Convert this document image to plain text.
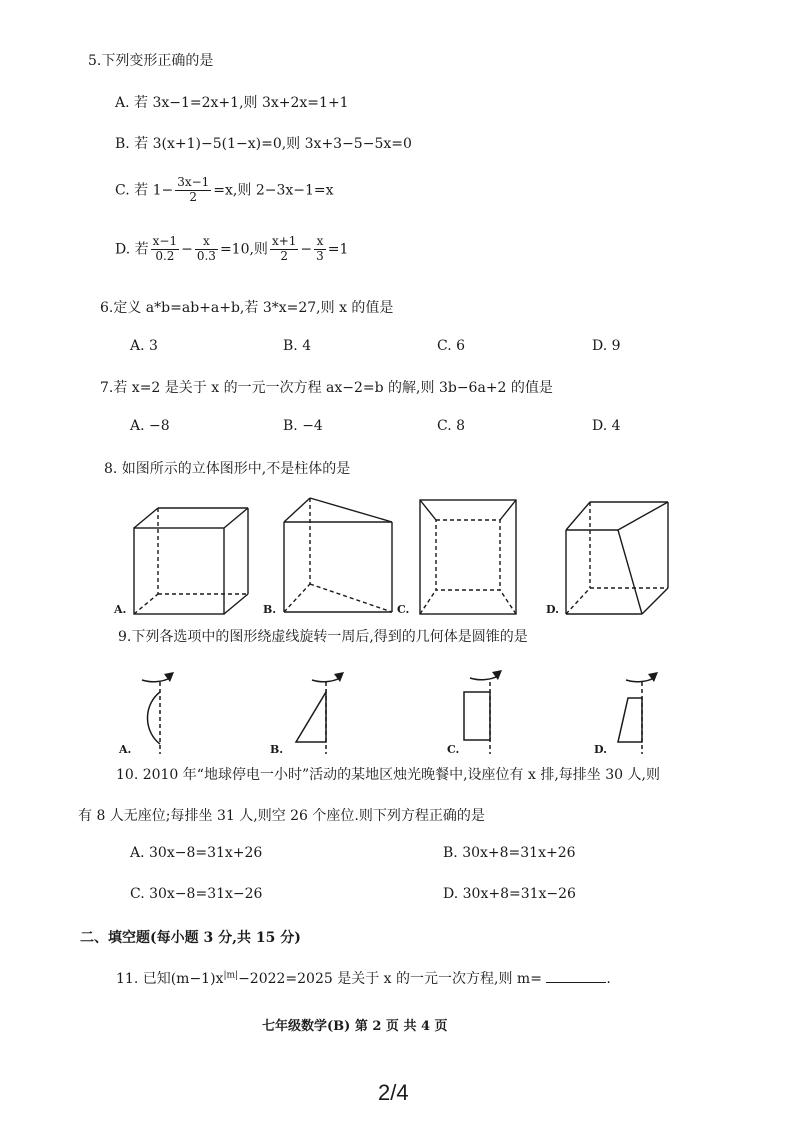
5.下列变形正确的是
A. 若 3x−1=2x+1,则 3x+2x=1+1
B. 若 3(x+1)−5(1−x)=0,则 3x+3−5−5x=0
C. 若 $1- \frac{3x-1}{2} =x$,则 2−3x−1=x
D. 若 $\frac{x-1}{0.2} - \frac{x}{0.3} =10$,则 $\frac{x+1}{2} - \frac{x}{3} =1$
6.定义 a*b=ab+a+b,若 3*x=27,则 x 的值是
A. 3	B. 4	C. 6	D. 9
7.若 x=2 是关于 x 的一元一次方程 ax−2=b 的解,则 3b−6a+2 的值是
A. −8	B. −4	C. 8	D. 4
8. 如图所示的立体图形中,不是柱体的是
A.	B.	C.	D.
9.下列各选项中的图形绕虚线旋转一周后,得到的几何体是圆锥的是
A.	B.	C.	D.
10. 2010 年“地球停电一小时”活动的某地区烛光晚餐中,设座位有 x 排,每排坐 30 人,则
有 8 人无座位;每排坐 31 人,则空 26 个座位.则下列方程正确的是
A. 30x−8=31x+26	B. 30x+8=31x+26
C. 30x−8=31x−26	D. 30x+8=31x−26
二、填空题(每小题 3 分,共 15 分)
11. 已知$(m-1)x^{|m|}-2022=2025$ 是关于 x 的一元一次方程,则 m=	.
七年级数学(B) 第 2 页 共 4 页
2/4
